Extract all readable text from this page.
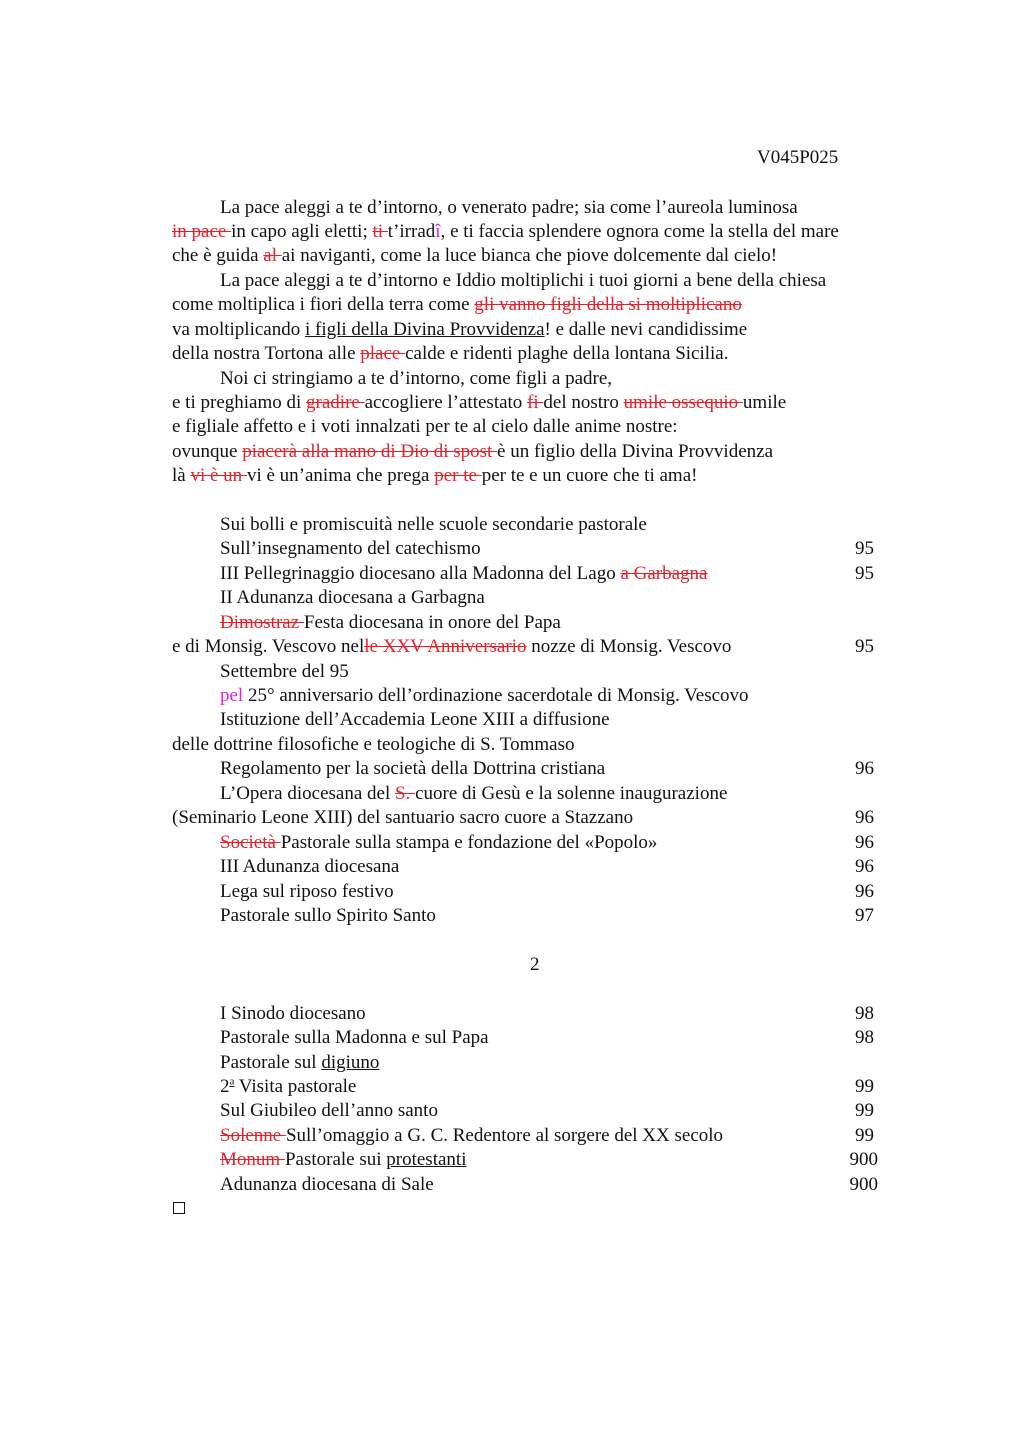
V045P025
La pace aleggi a te d’intorno, o venerato padre; sia come l’aureola luminosa
in pace in capo agli eletti; ti t’irradî, e ti faccia splendere ognora come la stella del mare
che è guida al ai naviganti, come la luce bianca che piove dolcemente dal cielo!
La pace aleggi a te d’intorno e Iddio moltiplichi i tuoi giorni a bene della chiesa
come moltiplica i fiori della terra come gli vanno figli della si moltiplicano
va moltiplicando i figli della Divina Provvidenza! e dalle nevi candidissime
della nostra Tortona alle place calde e ridenti plaghe della lontana Sicilia.
Noi ci stringiamo a te d’intorno, come figli a padre,
e ti preghiamo di gradire accogliere l’attestato fi del nostro umile ossequio umile
e figliale affetto e i voti innalzati per te al cielo dalle anime nostre:
ovunque piacerà alla mano di Dio di spost è un figlio della Divina Provvidenza
là vi è un vi è un’anima che prega per te per te e un cuore che ti ama!
Sui bolli e promiscuità nelle scuole secondarie pastorale
Sull’insegnamento del catechismo	95
III Pellegrinaggio diocesano alla Madonna del Lago a Garbagna	95
II Adunanza diocesana a Garbagna
Dimostraz Festa diocesana in onore del Papa
e di Monsig. Vescovo nelle XXV Anniversario nozze di Monsig. Vescovo	95
Settembre del 95
pel 25° anniversario dell’ordinazione sacerdotale di Monsig. Vescovo
Istituzione dell’Accademia Leone XIII a diffusione
delle dottrine filosofiche e teologiche di S. Tommaso
Regolamento per la società della Dottrina cristiana	96
L’Opera diocesana del S. cuore di Gesù e la solenne inaugurazione
(Seminario Leone XIII) del santuario sacro cuore a Stazzano	96
Società Pastorale sulla stampa e fondazione del «Popolo»	96
III Adunanza diocesana	96
Lega sul riposo festivo	96
Pastorale sullo Spirito Santo	97
2
I Sinodo diocesano	98
Pastorale sulla Madonna e sul Papa	98
Pastorale sul digiuno
2$^a$ Visita pastorale	99
Sul Giubileo dell’anno santo	99
Solenne Sull’omaggio a G. C. Redentore al sorgere del XX secolo	99
Monum Pastorale sui protestanti	900
Adunanza diocesana di Sale	900
